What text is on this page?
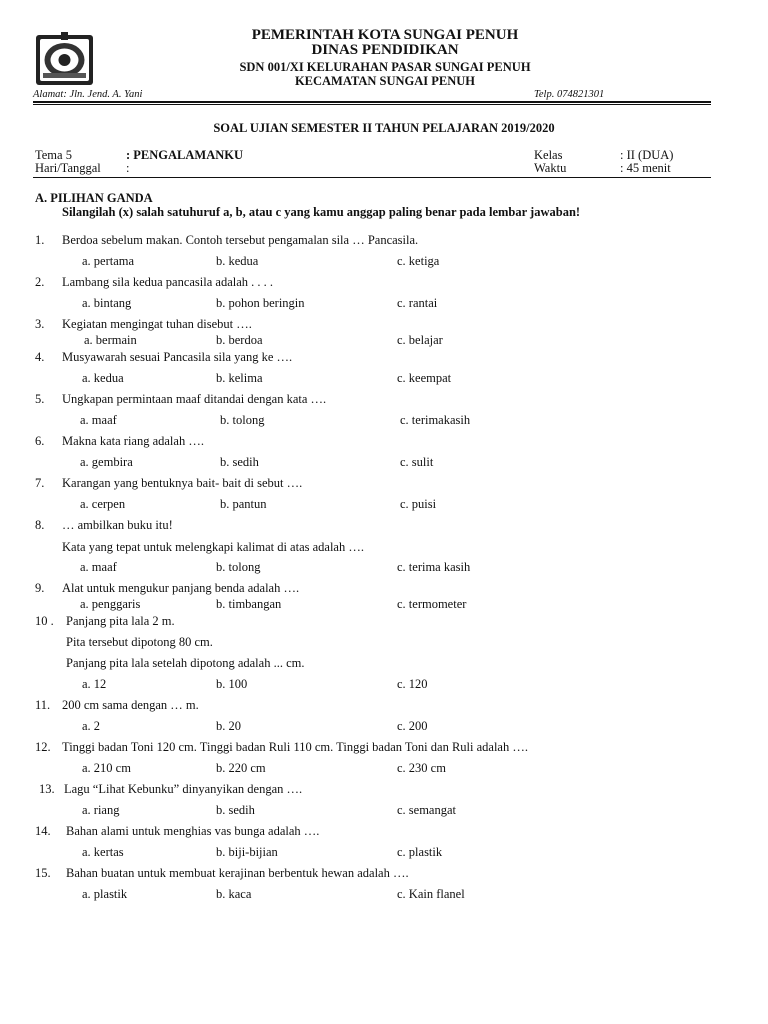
PEMERINTAH KOTA SUNGAI PENUH
DINAS PENDIDIKAN
SDN 001/XI KELURAHAN PASAR SUNGAI PENUH
KECAMATAN SUNGAI PENUH
Alamat: Jln. Jend. A. Yani	Telp. 074821301
SOAL UJIAN SEMESTER II TAHUN PELAJARAN 2019/2020
Tema 5	: PENGALAMANKU
Hari/Tanggal :
Kelas	: II (DUA)
Waktu	: 45 menit
A. PILIHAN GANDA
Silangilah (x) salah satuhuruf a, b, atau c yang kamu anggap paling benar pada lembar jawaban!
1. Berdoa sebelum makan. Contoh tersebut pengamalan sila … Pancasila.
a. pertama	b. kedua	c. ketiga
2. Lambang sila kedua pancasila adalah . . . .
a. bintang	b. pohon beringin	c. rantai
3. Kegiatan mengingat tuhan disebut ….
a. bermain	b. berdoa	c. belajar
4. Musyawarah sesuai Pancasila sila yang ke ….
a. kedua	b. kelima	c. keempat
5. Ungkapan permintaan maaf ditandai dengan kata ….
a. maaf	b. tolong	c. terimakasih
6. Makna kata riang adalah ….
a. gembira	b. sedih	c. sulit
7. Karangan yang bentuknya bait- bait di sebut ….
a. cerpen	b. pantun	c. puisi
8. … ambilkan buku itu!
Kata yang tepat untuk melengkapi kalimat di atas adalah ….
a. maaf	b. tolong	c. terima kasih
9. Alat untuk mengukur panjang benda adalah ….
a. penggaris	b. timbangan	c. termometer
10 . Panjang pita lala 2 m.
Pita tersebut dipotong 80 cm.
Panjang pita lala setelah dipotong adalah ... cm.
a. 12	b. 100	c. 120
11. 200 cm sama dengan … m.
a. 2	b. 20	c. 200
12. Tinggi badan Toni 120 cm. Tinggi badan Ruli 110 cm. Tinggi badan Toni dan Ruli adalah ….
a. 210 cm	b. 220 cm	c. 230 cm
13. Lagu “Lihat Kebunku” dinyanyikan dengan ….
a. riang	b. sedih	c. semangat
14. Bahan alami untuk menghias vas bunga adalah ….
a. kertas	b. biji-bijian	c. plastik
15. Bahan buatan untuk membuat kerajinan berbentuk hewan adalah ….
a. plastik	b. kaca	c. Kain flanel
